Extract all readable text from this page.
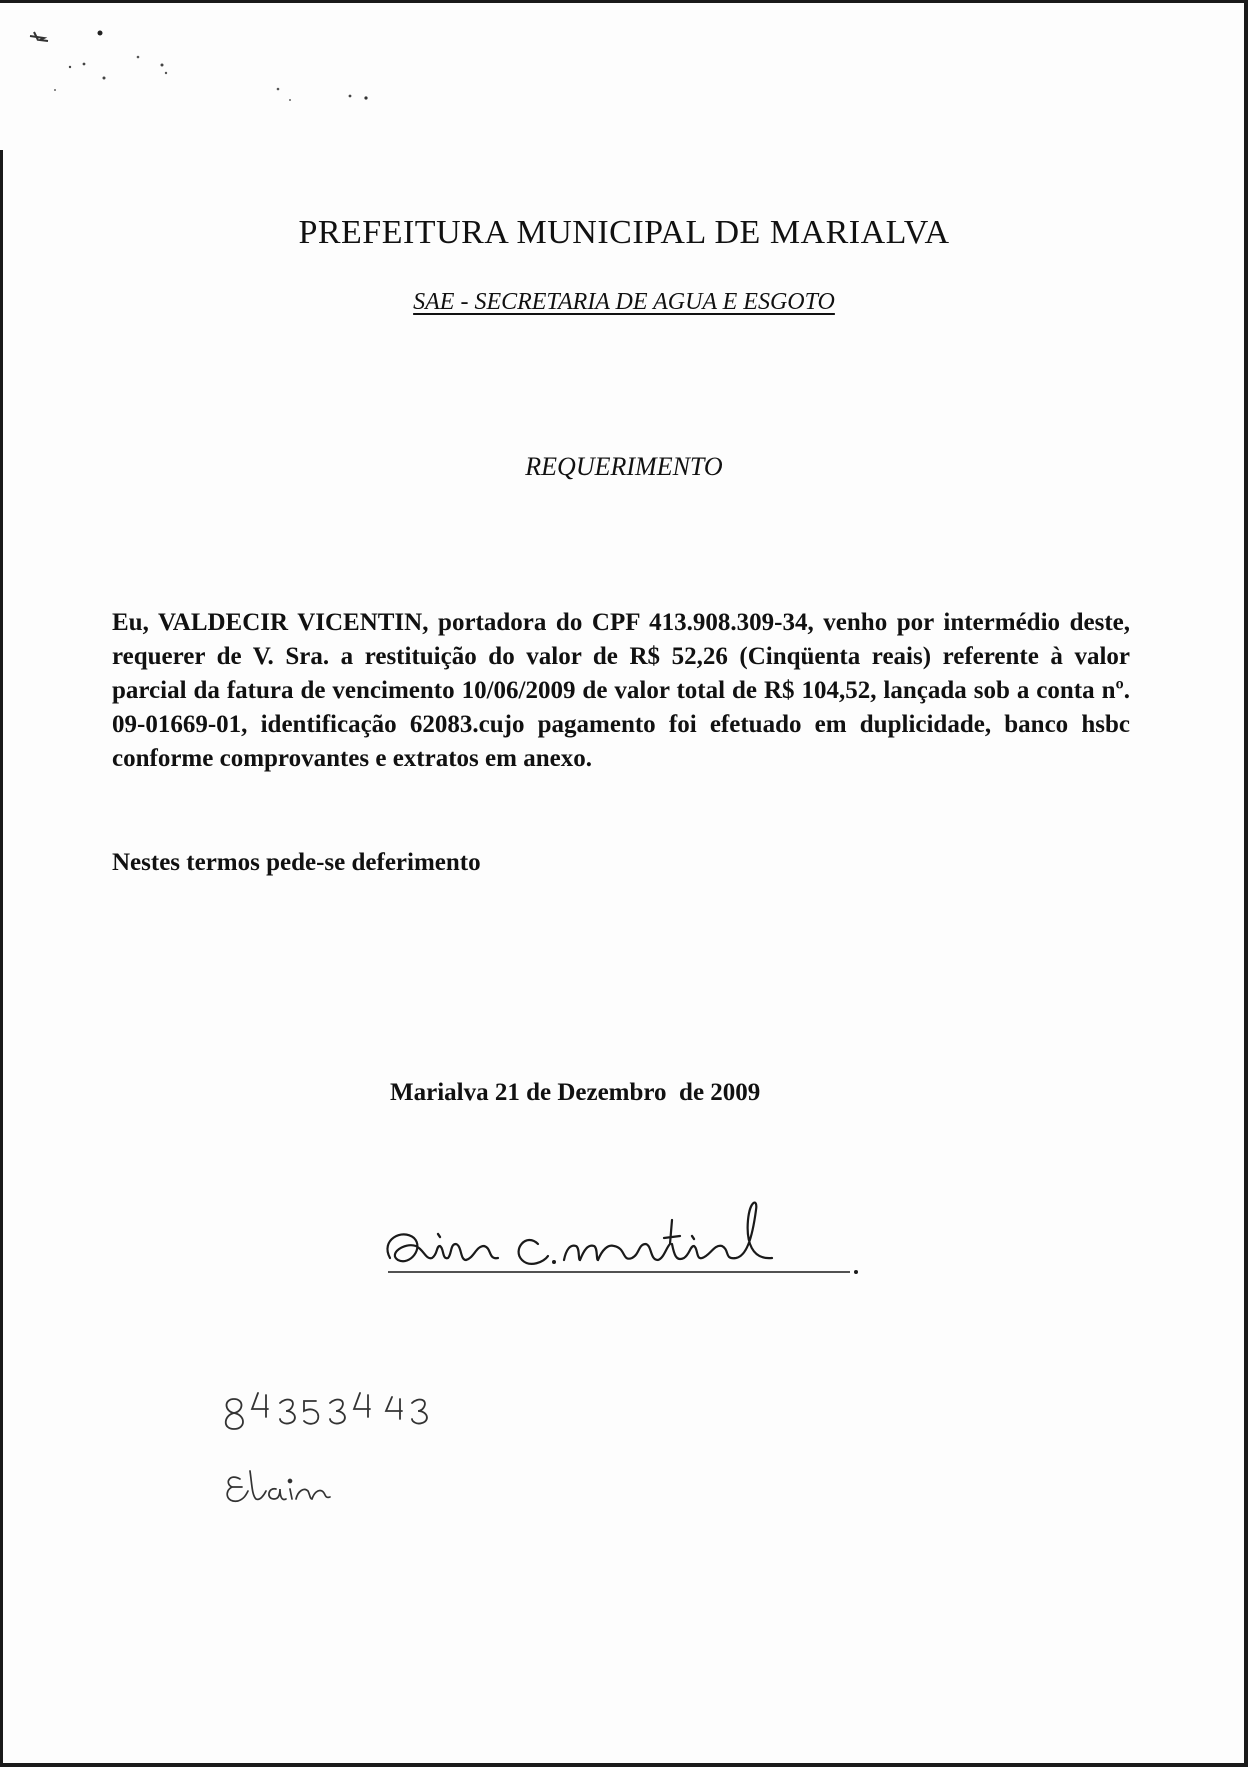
PREFEITURA MUNICIPAL DE MARIALVA
SAE - SECRETARIA DE AGUA E ESGOTO
REQUERIMENTO

Eu, VALDECIR VICENTIN, portadora do CPF 413.908.309-34, venho por intermédio deste, requerer de V. Sra. a restituição do valor de R$ 52,26 (Cinqüenta reais) referente à valor parcial da fatura de vencimento 10/06/2009 de valor total de R$ 104,52, lançada sob a conta nº. 09-01669-01, identificação 62083.cujo pagamento foi efetuado em duplicidade, banco hsbc conforme comprovantes e extratos em anexo.

Nestes termos pede-se deferimento
Marialva 21 de Dezembro  de 2009
